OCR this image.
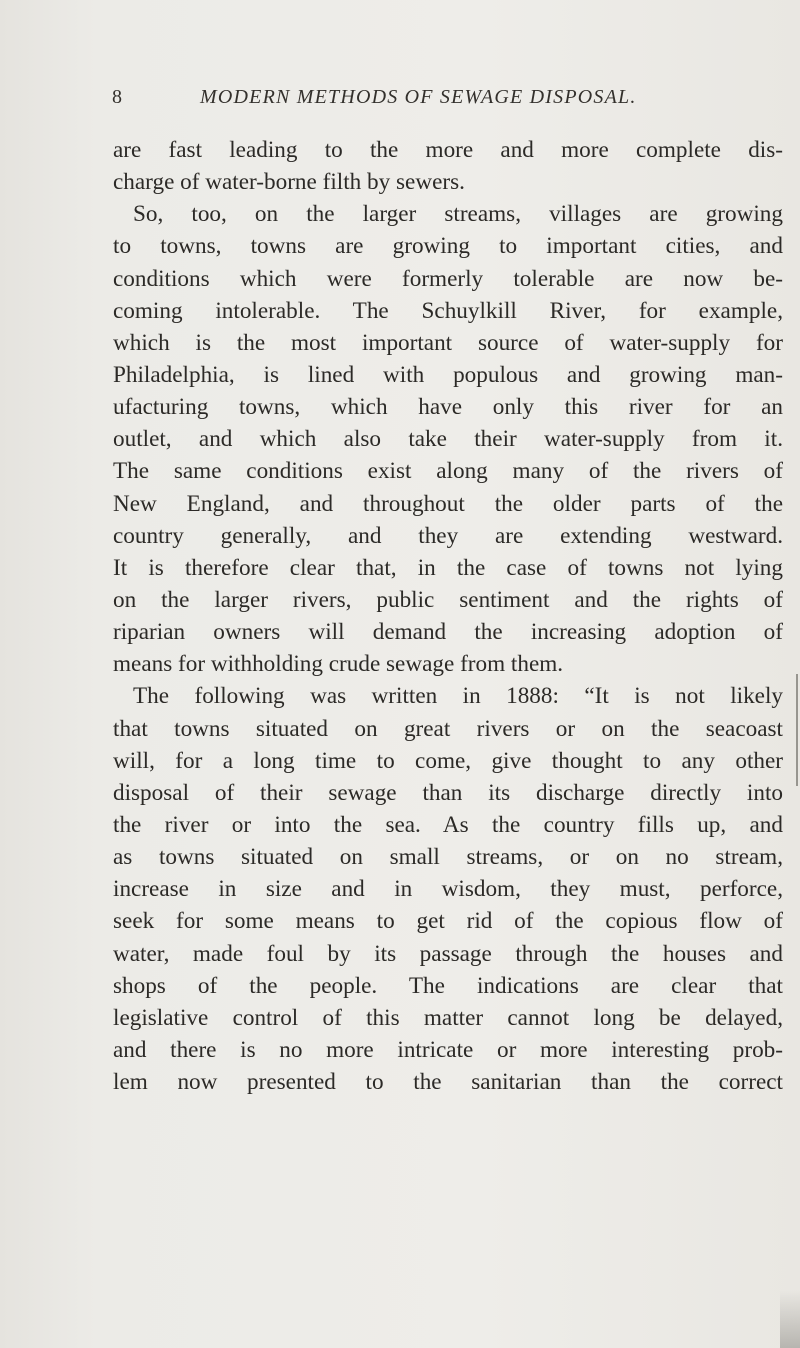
8	MODERN METHODS OF SEWAGE DISPOSAL.
are fast leading to the more and more complete dis-
charge of water-borne filth by sewers.
So, too, on the larger streams, villages are growing
to towns, towns are growing to important cities, and
conditions which were formerly tolerable are now be-
coming intolerable. The Schuylkill River, for example,
which is the most important source of water-supply for
Philadelphia, is lined with populous and growing man-
ufacturing towns, which have only this river for an
outlet, and which also take their water-supply from it.
The same conditions exist along many of the rivers of
New England, and throughout the older parts of the
country generally, and they are extending westward.
It is therefore clear that, in the case of towns not lying
on the larger rivers, public sentiment and the rights of
riparian owners will demand the increasing adoption of
means for withholding crude sewage from them.
The following was written in 1888: “It is not likely
that towns situated on great rivers or on the seacoast
will, for a long time to come, give thought to any other
disposal of their sewage than its discharge directly into
the river or into the sea. As the country fills up, and
as towns situated on small streams, or on no stream,
increase in size and in wisdom, they must, perforce,
seek for some means to get rid of the copious flow of
water, made foul by its passage through the houses and
shops of the people. The indications are clear that
legislative control of this matter cannot long be delayed,
and there is no more intricate or more interesting prob-
lem now presented to the sanitarian than the correct
